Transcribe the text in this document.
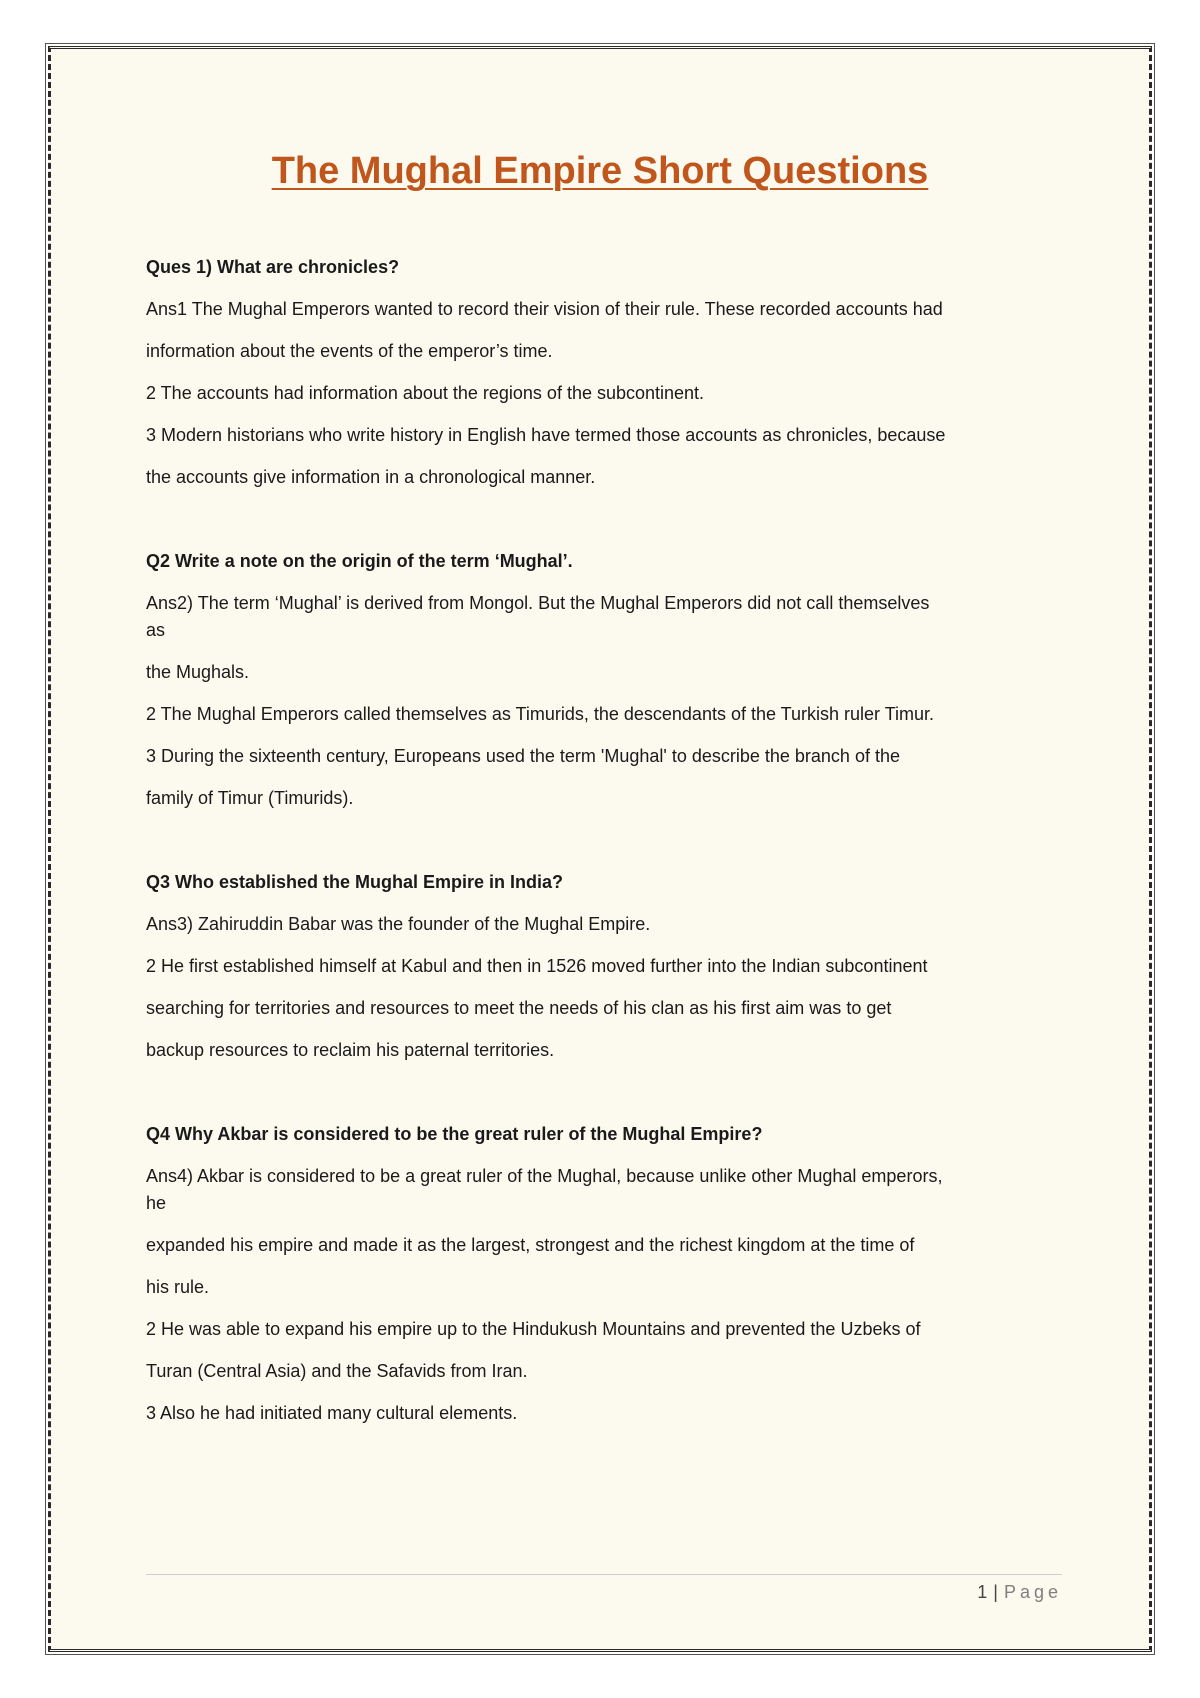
The Mughal Empire Short Questions

Ques 1) What are chronicles?

Ans1 The Mughal Emperors wanted to record their vision of their rule. These recorded accounts had

information about the events of the emperor’s time.

2 The accounts had information about the regions of the subcontinent.

3 Modern historians who write history in English have termed those accounts as chronicles, because

the accounts give information in a chronological manner.

Q2 Write a note on the origin of the term ‘Mughal’.

Ans2) The term ‘Mughal’ is derived from Mongol. But the Mughal Emperors did not call themselves

as

the Mughals.

2 The Mughal Emperors called themselves as Timurids, the descendants of the Turkish ruler Timur.

3 During the sixteenth century, Europeans used the term 'Mughal' to describe the branch of the

family of Timur (Timurids).

Q3 Who established the Mughal Empire in India?

Ans3) Zahiruddin Babar was the founder of the Mughal Empire.

2 He first established himself at Kabul and then in 1526 moved further into the Indian subcontinent

searching for territories and resources to meet the needs of his clan as his first aim was to get

backup resources to reclaim his paternal territories.

Q4 Why Akbar is considered to be the great ruler of the Mughal Empire?

Ans4) Akbar is considered to be a great ruler of the Mughal, because unlike other Mughal emperors,

he

expanded his empire and made it as the largest, strongest and the richest kingdom at the time of

his rule.

2 He was able to expand his empire up to the Hindukush Mountains and prevented the Uzbeks of

Turan (Central Asia) and the Safavids from Iran.

3 Also he had initiated many cultural elements.

1 | Page
